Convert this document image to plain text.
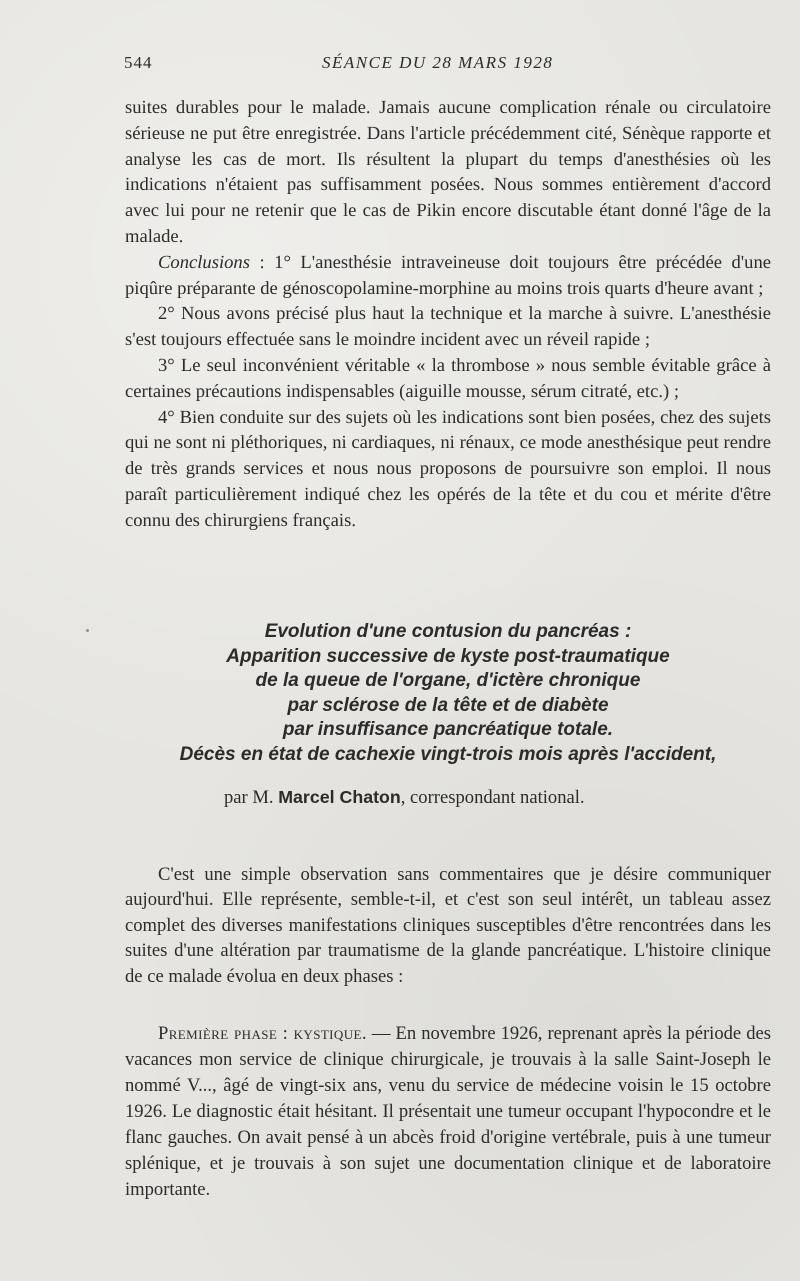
544	SÉANCE DU 28 MARS 1928

suites durables pour le malade. Jamais aucune complication rénale ou circulatoire sérieuse ne put être enregistrée. Dans l'article précédemment cité, Sénèque rapporte et analyse les cas de mort. Ils résultent la plupart du temps d'anesthésies où les indications n'étaient pas suffisamment posées. Nous sommes entièrement d'accord avec lui pour ne retenir que le cas de Pikin encore discutable étant donné l'âge de la malade.

Conclusions : 1° L'anesthésie intraveineuse doit toujours être précédée d'une piqûre préparante de génoscopolamine-morphine au moins trois quarts d'heure avant ;

2° Nous avons précisé plus haut la technique et la marche à suivre. L'anesthésie s'est toujours effectuée sans le moindre incident avec un réveil rapide ;

3° Le seul inconvénient véritable « la thrombose » nous semble évitable grâce à certaines précautions indispensables (aiguille mousse, sérum citraté, etc.) ;

4° Bien conduite sur des sujets où les indications sont bien posées, chez des sujets qui ne sont ni pléthoriques, ni cardiaques, ni rénaux, ce mode anesthésique peut rendre de très grands services et nous nous proposons de poursuivre son emploi. Il nous paraît particulièrement indiqué chez les opérés de la tête et du cou et mérite d'être connu des chirurgiens français.

Evolution d'une contusion du pancréas :
Apparition successive de kyste post-traumatique
de la queue de l'organe, d'ictère chronique
par sclérose de la tête et de diabète
par insuffisance pancréatique totale.
Décès en état de cachexie vingt-trois mois après l'accident,
par M. Marcel Chaton, correspondant national.

C'est une simple observation sans commentaires que je désire communiquer aujourd'hui. Elle représente, semble-t-il, et c'est son seul intérêt, un tableau assez complet des diverses manifestations cliniques susceptibles d'être rencontrées dans les suites d'une altération par traumatisme de la glande pancréatique. L'histoire clinique de ce malade évolua en deux phases :

Première phase : kystique. — En novembre 1926, reprenant après la période des vacances mon service de clinique chirurgicale, je trouvais à la salle Saint-Joseph le nommé V..., âgé de vingt-six ans, venu du service de médecine voisin le 15 octobre 1926. Le diagnostic était hésitant. Il présentait une tumeur occupant l'hypocondre et le flanc gauches. On avait pensé à un abcès froid d'origine vertébrale, puis à une tumeur splénique, et je trouvais à son sujet une documentation clinique et de laboratoire importante.
